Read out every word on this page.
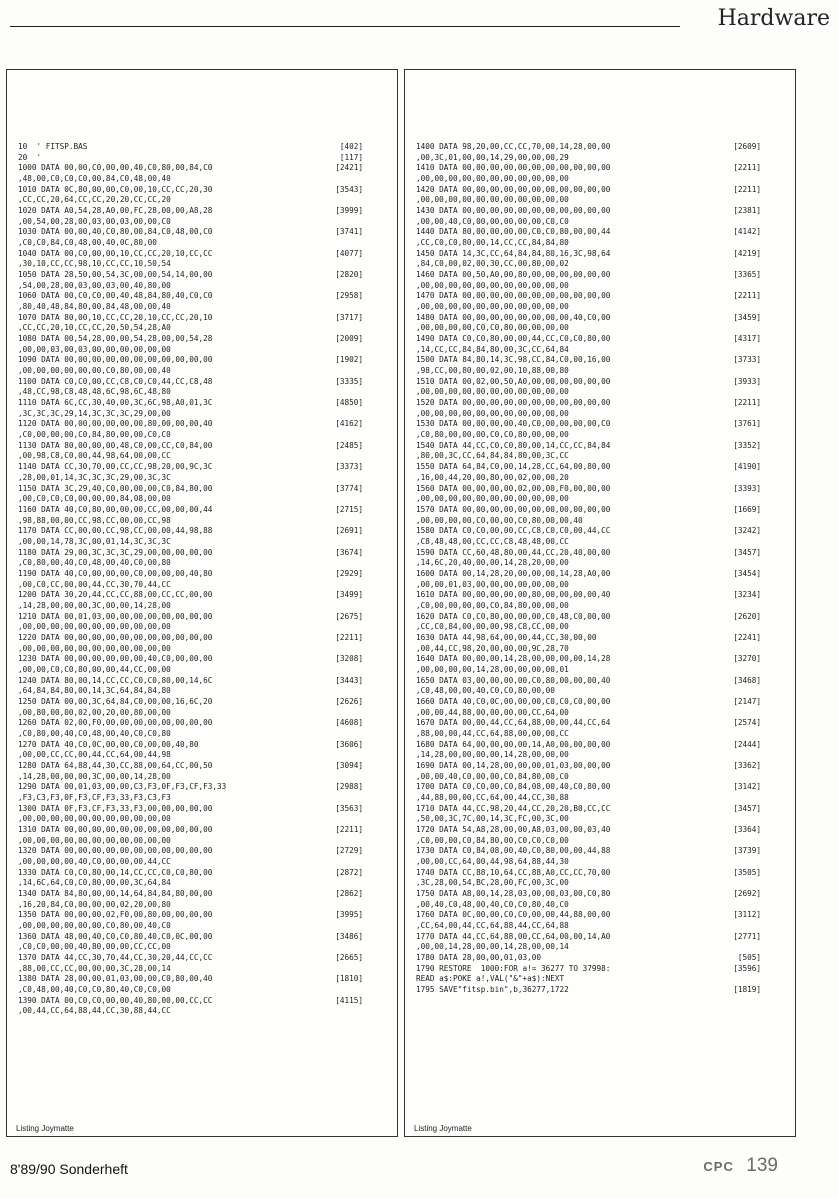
Hardware
10  ' FITSP.BAS	[402]
20  '	[117]
1000 DATA 00,00,C0,00,00,40,C0,80,00,84,C0	[2421]
,48,00,C0,C0,C0,00,84,C0,48,00,40
1010 DATA 0C,80,00,00,C0,00,10,CC,CC,20,30	[3543]
,CC,CC,20,64,CC,CC,20,20,CC,CC,20
1020 DATA A0,54,28,A0,00,FC,28,00,00,A8,28	[3999]
,00,54,00,28,00,03,00,03,00,00,C0
1030 DATA 00,00,40,C0,80,00,84,C0,48,00,C0	[3741]
,C0,C0,84,C0,48,00,40,0C,80,00
1040 DATA 00,C0,00,00,10,CC,CC,20,10,CC,CC	[4077]
,30,10,CC,CC,98,10,CC,CC,10,50,54
1050 DATA 28,50,00,54,3C,00,00,54,14,00,00	[2820]
,54,00,28,00,03,00,03,00,40,80,00
1060 DATA 00,C0,C0,00,40,48,84,80,40,C0,C0	[2958]
,80,40,48,84,80,00,84,48,00,00,40
1070 DATA 80,00,10,CC,CC,20,10,CC,CC,20,10	[3717]
,CC,CC,20,10,CC,CC,20,50,54,28,A0
1080 DATA 00,54,28,00,00,54,28,00,00,54,28	[2009]
,00,00,03,00,03,00,00,00,00,00,00
1090 DATA 00,00,00,00,00,00,00,00,00,00,00	[1902]
,00,00,00,00,00,00,C0,80,00,00,40
1100 DATA C0,C0,00,CC,C8,C0,C0,44,CC,C8,48	[3335]
,48,CC,98,C8,48,48,6C,98,6C,48,80
1110 DATA 6C,CC,30,40,00,3C,6C,98,A0,01,3C	[4850]
,3C,3C,3C,29,14,3C,3C,3C,29,00,00
1120 DATA 00,00,00,00,00,00,80,00,00,00,40	[4162]
,C0,00,00,00,C0,84,80,00,00,C0,C0
1130 DATA 80,00,00,00,48,C0,00,CC,C0,84,00	[2485]
,00,98,C8,C0,00,44,98,64,00,00,CC
1140 DATA CC,30,70,00,CC,CC,98,20,00,9C,3C	[3373]
,28,00,01,14,3C,3C,3C,29,00,3C,3C
1150 DATA 3C,29,40,C0,00,00,00,C0,84,80,00	[3774]
,00,C0,C0,C0,00,00,00,84,08,00,00
1160 DATA 40,C0,80,00,00,00,CC,00,00,00,44	[2715]
,98,88,00,00,CC,98,CC,00,00,CC,98
1170 DATA CC,00,00,CC,98,CC,00,00,44,98,88	[2691]
,00,00,14,78,3C,00,01,14,3C,3C,3C
1180 DATA 29,00,3C,3C,3C,29,00,00,00,00,00	[3674]
,C0,80,00,40,C0,48,00,40,C0,00,80
1190 DATA 40,C0,00,00,00,C0,00,00,00,40,80	[2929]
,00,C0,CC,00,00,44,CC,30,70,44,CC
1200 DATA 30,20,44,CC,CC,88,00,CC,CC,00,00	[3499]
,14,28,00,00,00,3C,00,00,14,28,00
1210 DATA 00,01,03,00,00,00,00,00,00,00,00	[2675]
,00,00,00,00,00,00,00,00,00,00,00
1220 DATA 00,00,00,00,00,00,00,00,00,00,00	[2211]
,00,00,00,00,00,00,00,00,00,00,00
1230 DATA 00,00,00,00,00,00,40,C0,00,00,00	[3208]
,00,00,C0,C0,80,00,00,44,CC,00,00
1240 DATA 80,00,14,CC,CC,C0,C0,80,00,14,6C	[3443]
,64,84,84,80,00,14,3C,64,84,84,80
1250 DATA 00,00,3C,64,84,C0,00,00,16,6C,20	[2626]
,00,80,00,00,02,00,20,00,80,00,00
1260 DATA 02,00,F0,00,00,00,00,00,00,00,00	[4608]
,C0,80,00,40,C0,48,00,40,C0,C0,80
1270 DATA 40,C0,0C,00,00,C0,00,00,40,80	[3606]
,00,00,CC,CC,00,44,CC,64,00,44,98
1280 DATA 64,88,44,30,CC,88,00,64,CC,00,50	[3094]
,14,28,00,00,00,3C,00,00,14,28,00
1290 DATA 00,01,03,00,00,C3,F3,0F,F3,CF,F3,33	[2988]
,F3,C3,F3,0F,F3,CF,F3,33,F3,C3,F3
1300 DATA 0F,F3,CF,F3,33,F3,00,00,00,00,00	[3563]
,00,00,00,00,00,00,00,00,00,00,00
1310 DATA 00,00,00,00,00,00,00,00,00,00,00	[2211]
,00,00,00,00,00,00,00,00,00,00,00
1320 DATA 00,00,00,00,00,00,00,00,00,00,00	[2729]
,00,00,00,00,40,C0,00,00,00,44,CC
1330 DATA C0,C0,80,00,14,CC,CC,C0,C0,80,00	[2872]
,14,6C,64,C0,C0,80,00,00,3C,64,84
1340 DATA 84,80,00,00,14,64,84,84,80,00,00	[2862]
,16,20,84,C0,00,00,00,02,20,00,80
1350 DATA 00,00,00,02,F0,00,80,00,00,00,00	[3995]
,00,00,00,00,00,00,C0,80,00,40,C0
1360 DATA 48,00,40,C0,C0,80,40,C0,0C,00,00	[3486]
,C0,C0,00,00,40,80,00,00,CC,CC,00
1370 DATA 44,CC,30,70,44,CC,30,20,44,CC,CC	[2665]
,88,00,CC,CC,00,00,00,3C,28,00,14
1380 DATA 28,00,00,01,03,00,00,C0,80,00,40	[1810]
,C0,48,00,40,C0,C0,80,40,C0,C0,00
1390 DATA 00,C0,C0,00,00,40,80,00,00,CC,CC	[4115]
,00,44,CC,64,88,44,CC,30,88,44,CC
Listing Joymatte
1400 DATA 98,20,00,CC,CC,70,00,14,28,00,00	[2609]
,00,3C,01,00,00,14,29,00,00,00,29
1410 DATA 00,00,00,00,00,00,00,00,00,00,00	[2211]
,00,00,00,00,00,00,00,00,00,00,00
1420 DATA 00,00,00,00,00,00,00,00,00,00,00	[2211]
,00,00,00,00,00,00,00,00,00,00,00
1430 DATA 00,00,00,00,00,00,00,00,00,00,00	[2381]
,00,00,40,C0,00,00,00,00,00,C0,C0
1440 DATA 80,00,00,00,00,C0,C0,80,00,00,44	[4142]
,CC,C0,C0,80,00,14,CC,CC,84,84,80
1450 DATA 14,3C,CC,64,84,84,80,16,3C,98,64	[4219]
,84,C0,00,02,00,30,CC,00,80,00,02
1460 DATA 00,50,A0,00,80,00,00,00,00,00,00	[3365]
,00,00,00,00,00,00,00,00,00,00,00
1470 DATA 00,00,00,00,00,00,00,00,00,00,00	[2211]
,00,00,00,00,00,00,00,00,00,00,00
1480 DATA 00,00,00,00,00,00,00,00,40,C0,00	[3459]
,00,00,00,00,C0,C0,80,00,00,00,00
1490 DATA C0,C0,80,00,00,44,CC,C0,C0,80,00	[4317]
,14,CC,CC,84,84,80,00,3C,CC,64,84
1500 DATA 84,80,14,3C,98,CC,84,C0,00,16,00	[3733]
,98,CC,00,80,00,02,00,10,88,00,80
1510 DATA 00,02,00,50,A0,00,00,00,00,00,00	[3933]
,00,00,00,00,00,00,00,00,00,00,00
1520 DATA 00,00,00,00,00,00,00,00,00,00,00	[2211]
,00,00,00,00,00,00,00,00,00,00,00
1530 DATA 00,00,00,00,40,C0,00,00,00,00,C0	[3761]
,C0,80,00,00,00,C0,C0,80,00,00,00
1540 DATA 44,CC,C0,C0,80,00,14,CC,CC,84,84	[3352]
,80,00,3C,CC,64,84,84,80,00,3C,CC
1550 DATA 64,84,C0,00,14,28,CC,64,00,80,00	[4190]
,16,00,44,20,00,80,00,02,00,00,20
1560 DATA 00,00,00,00,02,00,00,F0,00,00,00	[3393]
,00,00,00,00,00,00,00,00,00,00,00
1570 DATA 00,00,00,00,00,00,00,00,00,00,00	[1669]
,00,00,00,00,C0,00,00,C0,80,00,00,40
1580 DATA C0,C0,00,00,CC,C8,C0,C0,00,44,CC	[3242]
,C8,48,48,00,CC,CC,C8,48,48,00,CC
1590 DATA CC,60,48,80,00,44,CC,20,40,00,00	[3457]
,14,6C,20,40,00,00,14,28,20,00,00
1600 DATA 00,14,28,20,00,00,00,14,28,A0,00	[3454]
,00,00,01,03,00,00,00,00,00,00,00
1610 DATA 00,00,00,00,00,80,00,00,00,00,40	[3234]
,C0,00,00,00,00,C0,84,80,00,00,00
1620 DATA C0,C0,80,00,00,00,C0,48,C0,00,00	[2620]
,CC,C0,84,00,00,00,98,C8,CC,00,00
1630 DATA 44,98,64,00,00,44,CC,30,00,00	[2241]
,00,44,CC,98,20,00,00,00,9C,28,70
1640 DATA 00,00,00,14,28,00,00,00,00,14,28	[3270]
,00,00,00,00,14,28,00,00,00,00,01
1650 DATA 03,00,00,00,00,C0,80,00,00,00,40	[3468]
,C0,48,00,00,40,C0,C0,80,00,00
1660 DATA 40,C0,0C,00,00,00,C0,C0,C0,00,00	[2147]
,00,00,44,88,00,00,00,00,CC,64,00
1670 DATA 00,00,44,CC,64,88,00,00,44,CC,64	[2574]
,88,00,00,44,CC,64,88,00,00,00,CC
1680 DATA 64,00,00,00,00,14,A0,00,00,00,00	[2444]
,14,28,00,00,00,00,14,28,00,00,00
1690 DATA 00,14,28,00,00,00,01,03,00,00,00	[3362]
,00,00,40,C0,00,00,C0,84,80,00,C0
1700 DATA C0,C0,00,C0,84,08,00,40,C0,80,00	[3142]
,44,88,00,00,CC,64,00,44,CC,30,88
1710 DATA 44,CC,98,20,44,CC,20,20,B0,CC,CC	[3457]
,50,00,3C,7C,00,14,3C,FC,00,3C,00
1720 DATA 54,A8,28,00,00,A8,03,00,00,03,40	[3364]
,C0,00,00,C0,84,80,00,C0,C0,C0,00
1730 DATA C0,84,08,00,40,C0,80,00,00,44,88	[3739]
,00,00,CC,64,00,44,98,64,88,44,30
1740 DATA CC,88,10,64,CC,88,A0,CC,CC,70,00	[3505]
,3C,28,00,54,BC,28,00,FC,00,3C,00
1750 DATA A8,00,14,28,03,00,00,03,00,C0,80	[2692]
,00,40,C0,48,00,40,C0,C0,80,40,C0
1760 DATA 0C,00,00,C0,C0,00,00,44,88,00,00	[3112]
,CC,64,00,44,CC,64,88,44,CC,64,88
1770 DATA 44,CC,64,88,00,CC,64,00,00,14,A0	[2771]
,00,00,14,28,00,00,14,28,00,00,14
1780 DATA 28,00,00,01,03,00	[505]
1790 RESTORE  1000:FOR a!= 36277 TO 37998:	[3596]
READ a$:POKE a!,VAL("&"+a$):NEXT
1795 SAVE"fitsp.bin",b,36277,1722	[1819]
Listing Joymatte
8'89/90 Sonderheft	CPC 139
